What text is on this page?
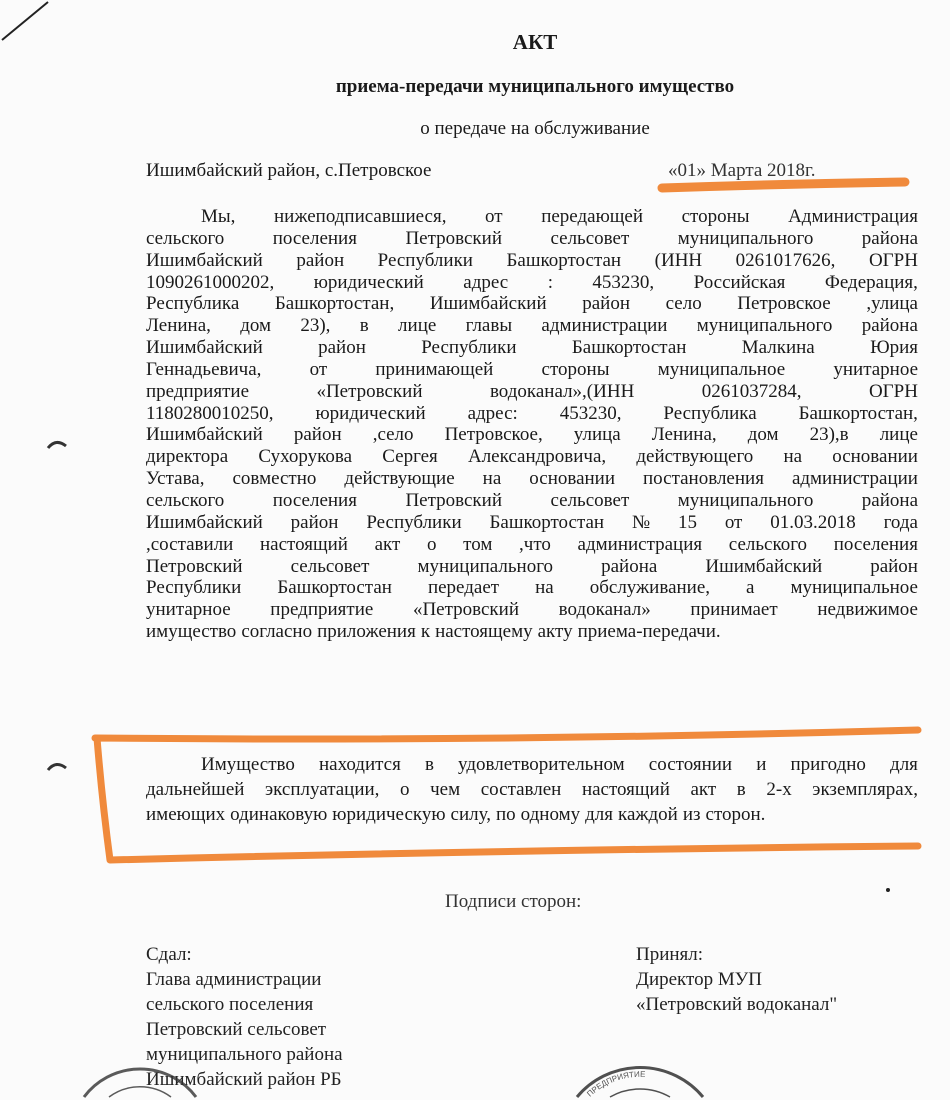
АКТ
приема-передачи муниципального имущество
о передаче на обслуживание
Ишимбайский район, с.Петровское	«01» Марта 2018г.
Мы, нижеподписавшиеся, от передающей стороны Администрация
сельского	поселения	Петровский	сельсовет	муниципального	района
Ишимбайский район Республики Башкортостан (ИНН 0261017626, ОГРН
1090261000202, юридический адрес : 453230, Российская Федерация,
Республика Башкортостан, Ишимбайский район село Петровское ,улица
Ленина, дом 23), в лице главы администрации муниципального района
Ишимбайский	район	Республики	Башкортостан	Малкина	Юрия
Геннадьевича,	от	принимающей	стороны	муниципальное	унитарное
предприятие	«Петровский	водоканал»,(ИНН	0261037284,	ОГРН
1180280010250, юридический адрес: 453230, Республика Башкортостан,
Ишимбайский район ,село Петровское, улица Ленина, дом 23),в лице
директора Сухорукова Сергея Александровича, действующего на основании
Устава, совместно действующие на основании постановления администрации
сельского	поселения	Петровский	сельсовет	муниципального	района
Ишимбайский район Республики Башкортостан № 15 от 01.03.2018 года
,составили настоящий акт о том ,что администрация сельского поселения
Петровский	сельсовет	муниципального	района	Ишимбайский	район
Республики Башкортостан передает на обслуживание, а муниципальное
унитарное предприятие «Петровский водоканал» принимает недвижимое
имущество согласно приложения к настоящему акту приема-передачи.
Имущество находится в удовлетворительном состоянии и пригодно для
дальнейшей эксплуатации, о чем составлен настоящий акт в 2-х экземплярах,
имеющих одинаковую юридическую силу, по одному для каждой из сторон.
Подписи сторон:
Сдал:
Глава администрации
сельского поселения
Петровский сельсовет
муниципального района
Ишимбайский район РБ
Принял:
Директор МУП
«Петровский водоканал"
ПРЕДПРИЯТИЕ
